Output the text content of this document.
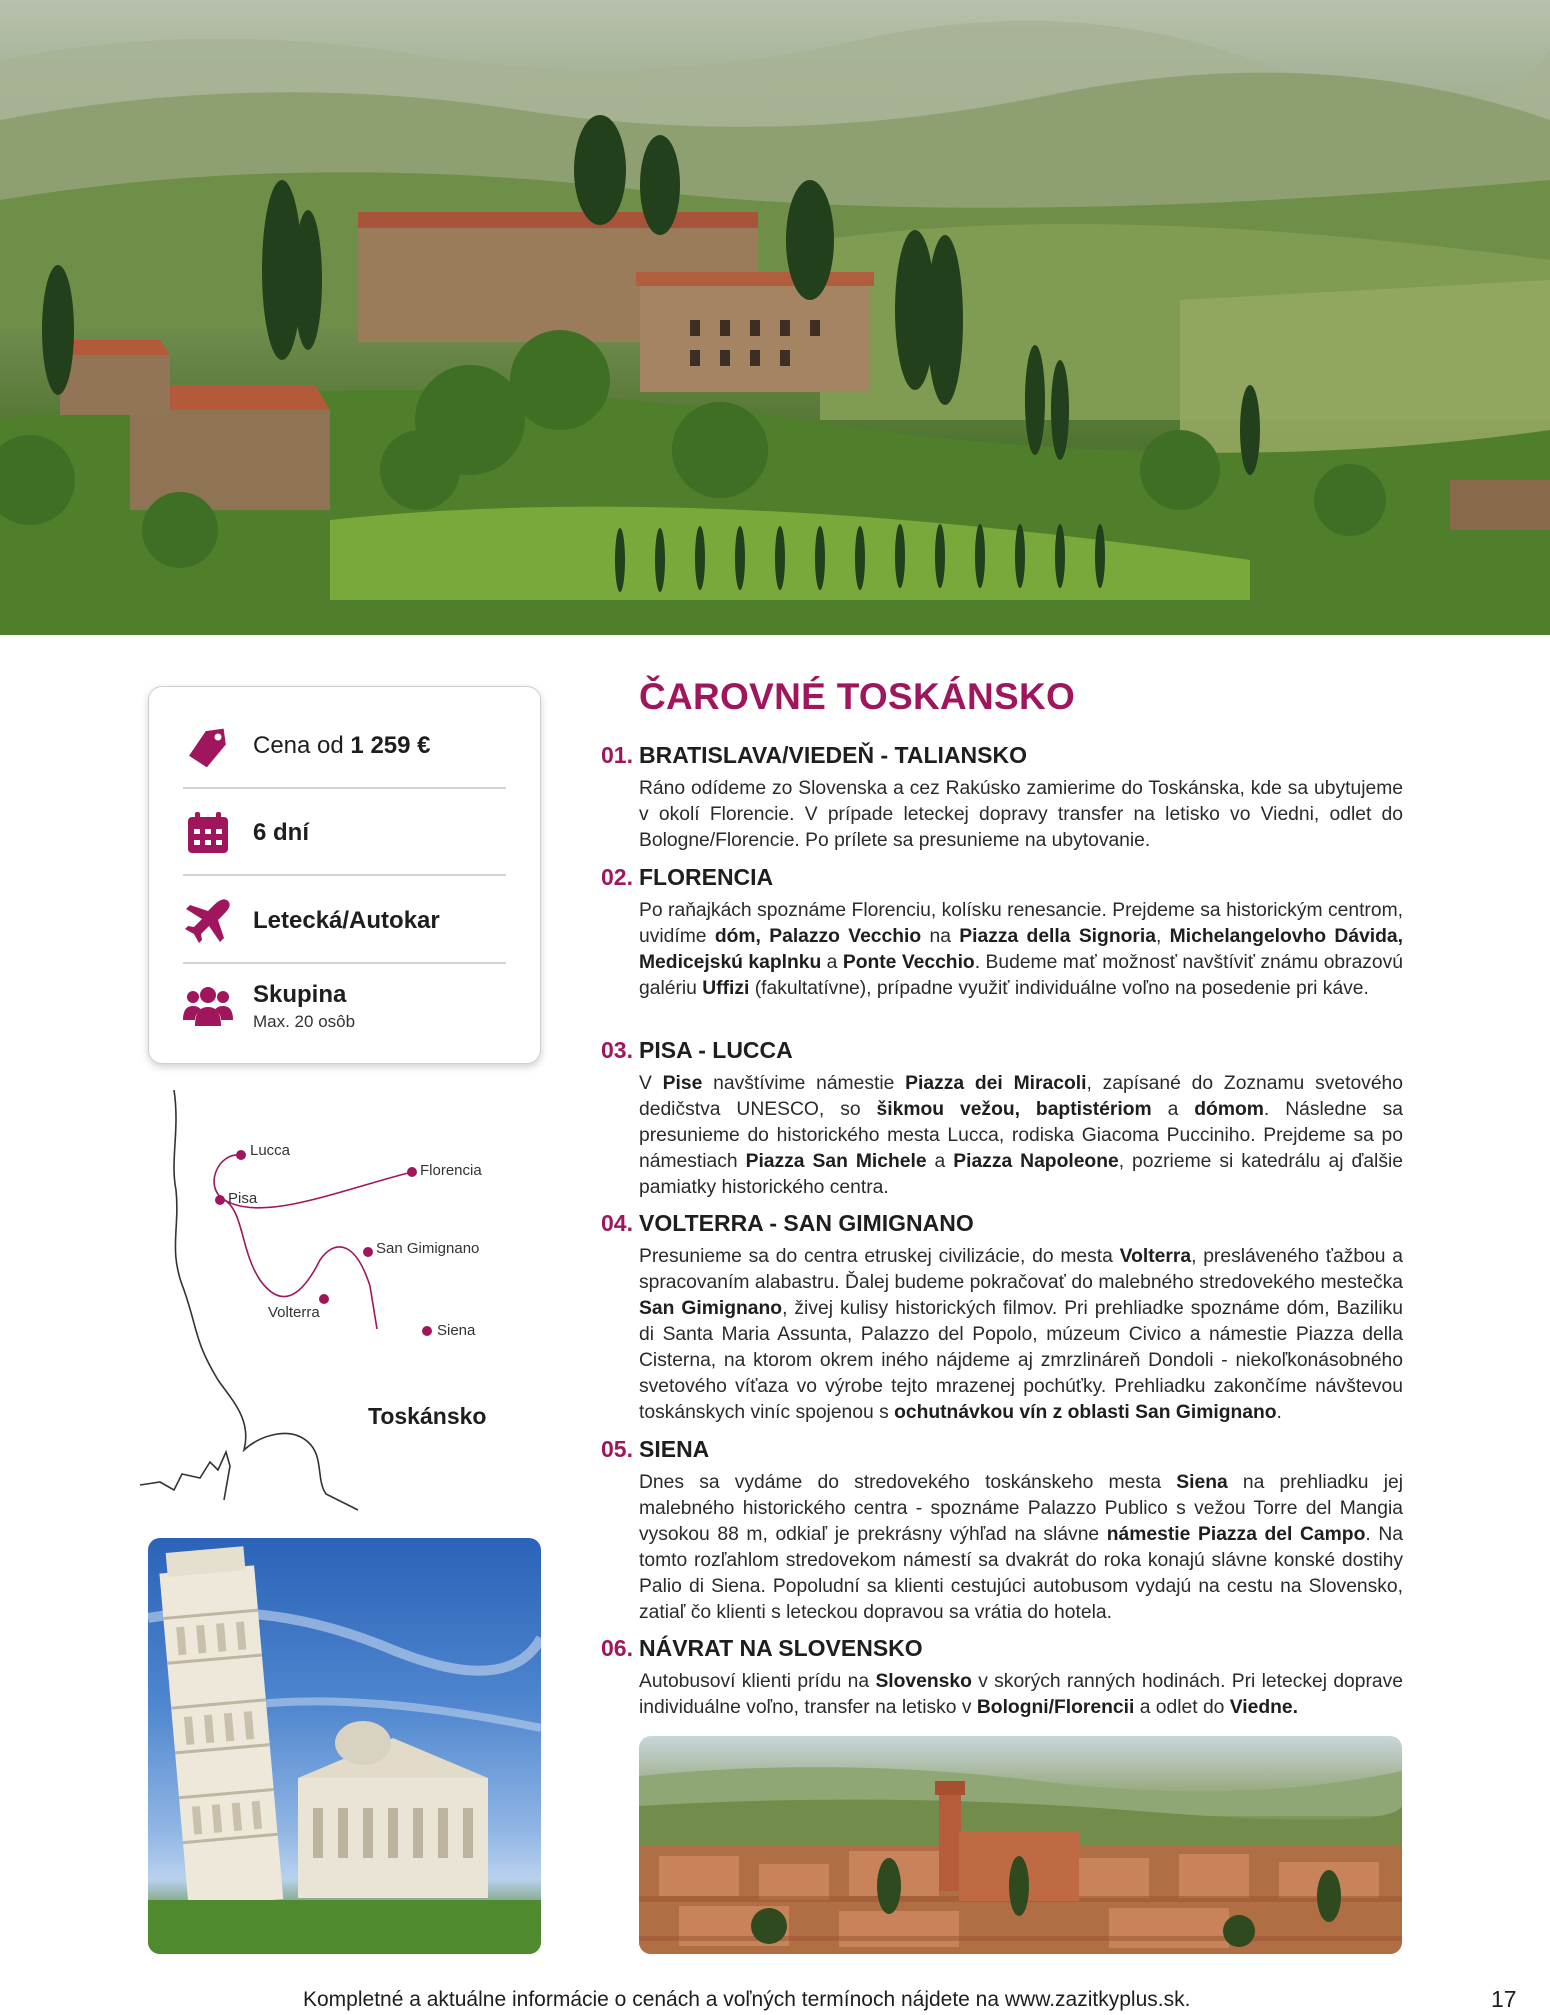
Cena od 1 259 €
6 dní
Letecká/Autokar
Skupina
Max. 20 osôb
Lucca
Florencia
Pisa
San Gimignano
Volterra
Siena
Toskánsko
ČAROVNÉ TOSKÁNSKO
01. BRATISLAVA/VIEDEŇ - TALIANSKO
Ráno odídeme zo Slovenska a cez Rakúsko zamierime do Toskánska, kde sa ubytujeme v okolí Florencie. V prípade leteckej dopravy transfer na letisko vo Viedni, odlet do Bologne/Florencie. Po prílete sa presunieme na ubytovanie.
02. FLORENCIA
Po raňajkách spoznáme Florenciu, kolísku renesancie. Prejdeme sa historickým centrom, uvidíme dóm, Palazzo Vecchio na Piazza della Signoria, Michelangelovho Dávida, Medicejskú kaplnku a Ponte Vecchio. Budeme mať možnosť navštíviť známu obrazovú galériu Uffizi (fakultatívne), prípadne využiť individuálne voľno na posedenie pri káve.
03. PISA - LUCCA
V Pise navštívime námestie Piazza dei Miracoli, zapísané do Zoznamu svetového dedičstva UNESCO, so šikmou vežou, baptistériom a dómom. Následne sa presunieme do historického mesta Lucca, rodiska Giacoma Pucciniho. Prejdeme sa po námestiach Piazza San Michele a Piazza Napoleone, pozrieme si katedrálu aj ďalšie pamiatky historického centra.
04. VOLTERRA - SAN GIMIGNANO
Presunieme sa do centra etruskej civilizácie, do mesta Volterra, presláveného ťažbou a spracovaním alabastru. Ďalej budeme pokračovať do malebného stredovekého mestečka San Gimignano, živej kulisy historických filmov. Pri prehliadke spoznáme dóm, Baziliku di Santa Maria Assunta, Palazzo del Popolo, múzeum Civico a námestie Piazza della Cisterna, na ktorom okrem iného nájdeme aj zmrzlináreň Dondoli - niekoľkonásobného svetového víťaza vo výrobe tejto mrazenej pochúťky. Prehliadku zakončíme návštevou toskánskych viníc spojenou s ochutnávkou vín z oblasti San Gimignano.
05. SIENA
Dnes sa vydáme do stredovekého toskánskeho mesta Siena na prehliadku jej malebného historického centra - spoznáme Palazzo Publico s vežou Torre del Mangia vysokou 88 m, odkiaľ je prekrásny výhľad na slávne námestie Piazza del Campo. Na tomto rozľahlom stredovekom námestí sa dvakrát do roka konajú slávne konské dostihy Palio di Siena. Popoludní sa klienti cestujúci autobusom vydajú na cestu na Slovensko, zatiaľ čo klienti s leteckou dopravou sa vrátia do hotela.
06. NÁVRAT NA SLOVENSKO
Autobusoví klienti prídu na Slovensko v skorých ranných hodinách. Pri leteckej doprave individuálne voľno, transfer na letisko v Bologni/Florencii a odlet do Viedne.
Kompletné a aktuálne informácie o cenách a voľných termínoch nájdete na www.zazitkyplus.sk.	17
